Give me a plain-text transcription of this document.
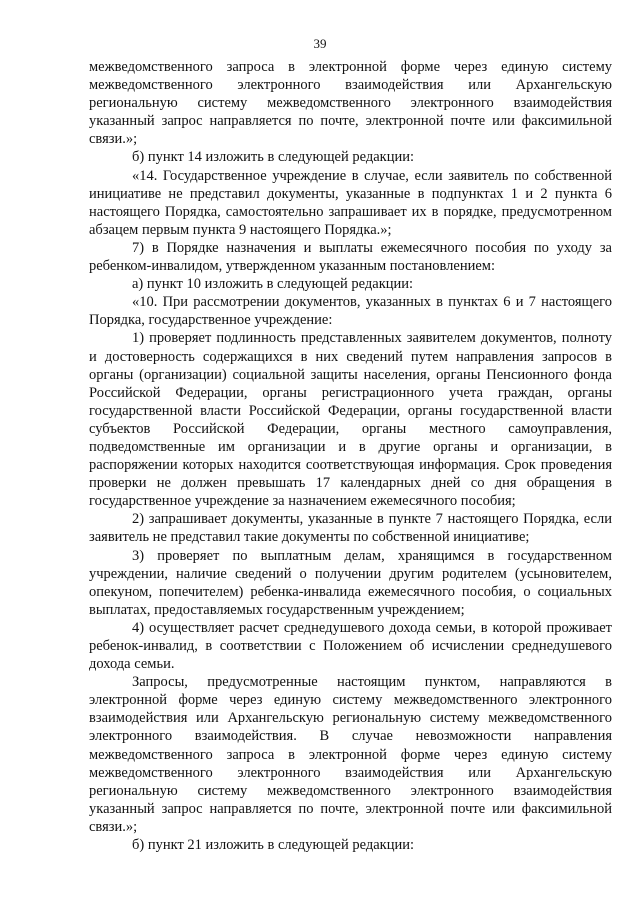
39

межведомственного запроса в электронной форме через единую систему межведомственного электронного взаимодействия или Архангельскую региональную систему межведомственного электронного взаимодействия указанный запрос направляется по почте, электронной почте или факсимильной связи.»;

б) пункт 14 изложить в следующей редакции:

«14. Государственное учреждение в случае, если заявитель по собственной инициативе не представил документы, указанные в подпунктах 1 и 2 пункта 6 настоящего Порядка, самостоятельно запрашивает их в порядке, предусмотренном абзацем первым пункта 9 настоящего Порядка.»;

7) в Порядке назначения и выплаты ежемесячного пособия по уходу за ребенком-инвалидом, утвержденном указанным постановлением:

а) пункт 10 изложить в следующей редакции:

«10. При рассмотрении документов, указанных в пунктах 6 и 7 настоящего Порядка, государственное учреждение:

1) проверяет подлинность представленных заявителем документов, полноту и достоверность содержащихся в них сведений путем направления запросов в органы (организации) социальной защиты населения, органы Пенсионного фонда Российской Федерации, органы регистрационного учета граждан, органы государственной власти Российской Федерации, органы государственной власти субъектов Российской Федерации, органы местного самоуправления, подведомственные им организации и в другие органы и организации, в распоряжении которых находится соответствующая информация. Срок проведения проверки не должен превышать 17 календарных дней со дня обращения в государственное учреждение за назначением ежемесячного пособия;

2) запрашивает документы, указанные в пункте 7 настоящего Порядка, если заявитель не представил такие документы по собственной инициативе;

3) проверяет по выплатным делам, хранящимся в государственном учреждении, наличие сведений о получении другим родителем (усыновителем, опекуном, попечителем) ребенка-инвалида ежемесячного пособия, о социальных выплатах, предоставляемых государственным учреждением;

4) осуществляет расчет среднедушевого дохода семьи, в которой проживает ребенок-инвалид, в соответствии с Положением об исчислении среднедушевого дохода семьи.

Запросы, предусмотренные настоящим пунктом, направляются в электронной форме через единую систему межведомственного электронного взаимодействия или Архангельскую региональную систему межведомственного электронного взаимодействия. В случае невозможности направления межведомственного запроса в электронной форме через единую систему межведомственного электронного взаимодействия или Архангельскую региональную систему межведомственного электронного взаимодействия указанный запрос направляется по почте, электронной почте или факсимильной связи.»;

б) пункт 21 изложить в следующей редакции:
